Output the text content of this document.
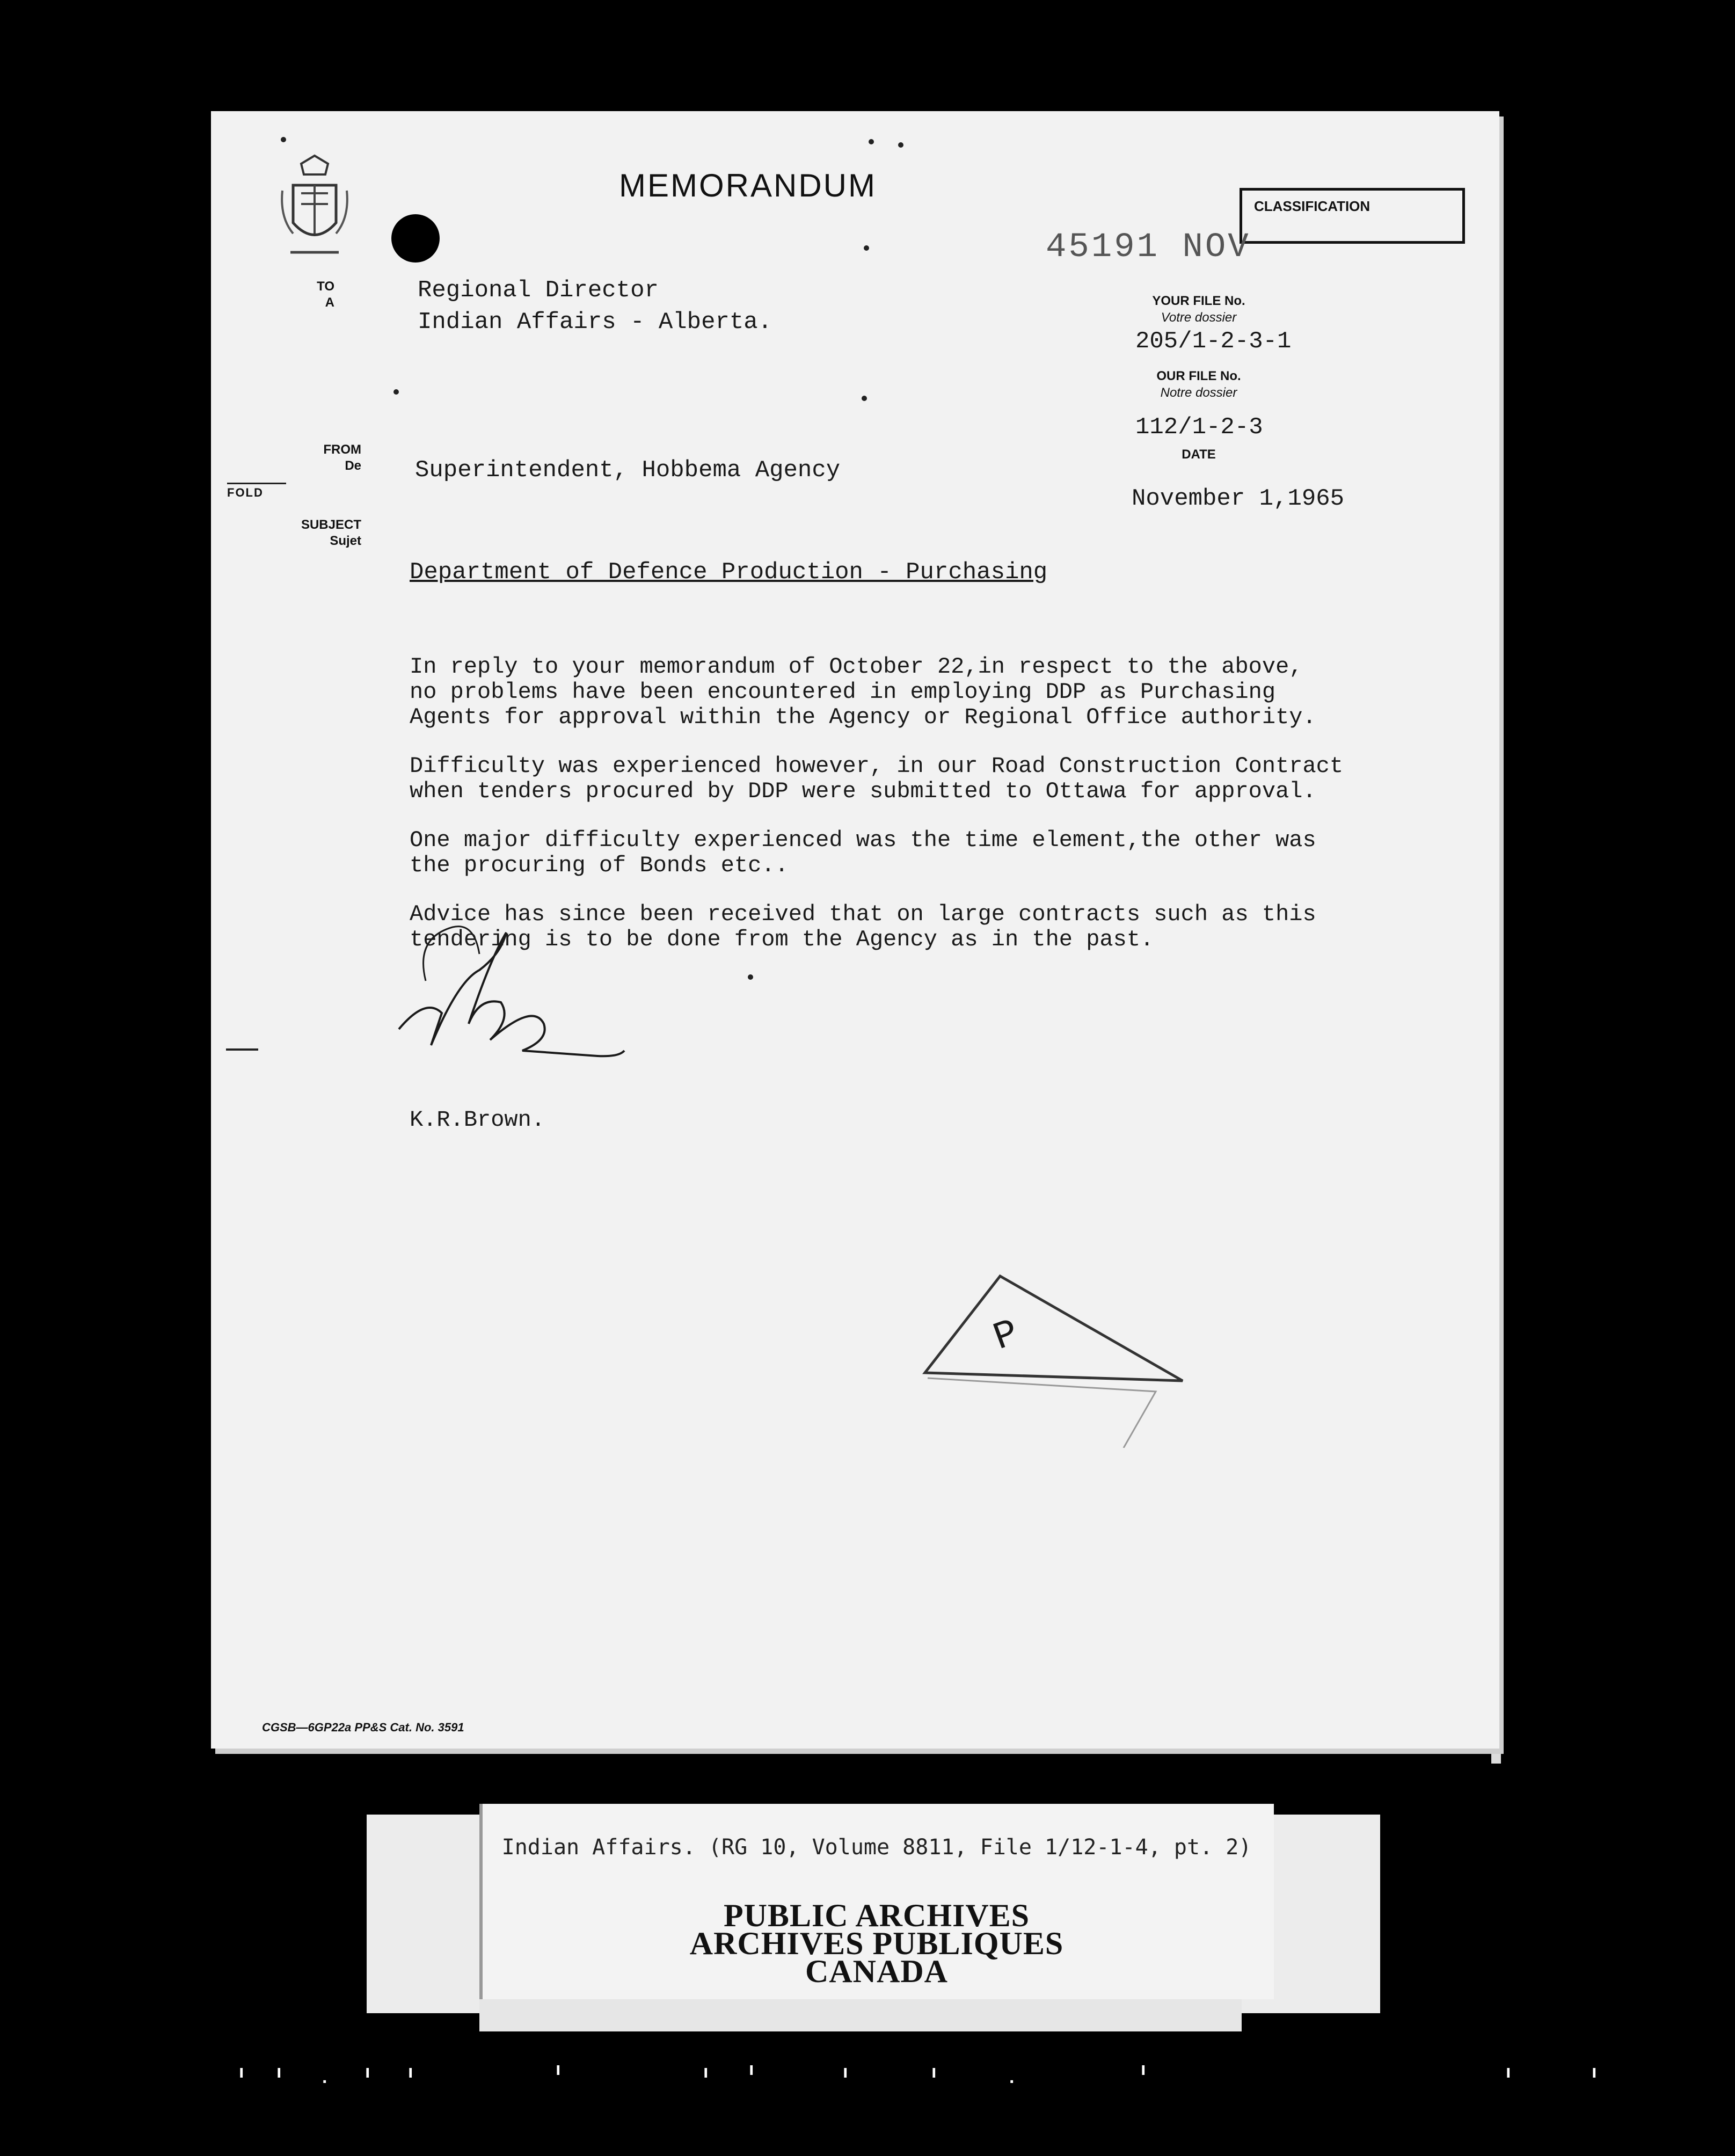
MEMORANDUM
CLASSIFICATION
45191 NOV
TO
A	Regional Director
Indian Affairs - Alberta.
YOUR FILE No.
Votre dossier
205/1-2-3-1
OUR FILE No.
Notre dossier
112/1-2-3
DATE
November 1,1965
FROM
De Superintendent, Hobbema Agency
FOLD
SUBJECT
Sujet
Department of Defence Production - Purchasing

In reply to your memorandum of October 22,in respect to the above,
no problems have been encountered in employing DDP as Purchasing
Agents for approval within the Agency or Regional Office authority.

Difficulty was experienced however, in our Road Construction Contract
when tenders procured by DDP were submitted to Ottawa for approval.

One major difficulty experienced was the time element,the other was
the procuring of Bonds etc..

Advice has since been received that on large contracts such as this
tendering is to be done from the Agency as in the past.

K.R.Brown.
P
CGSB—6GP22a PP&S Cat. No. 3591
Indian Affairs. (RG 10, Volume 8811, File 1/12-1-4, pt. 2)
PUBLIC ARCHIVES
ARCHIVES PUBLIQUES
CANADA
ı ı . ı ı	ı	ı ı	ı	ı	.	ı	ı	ı
